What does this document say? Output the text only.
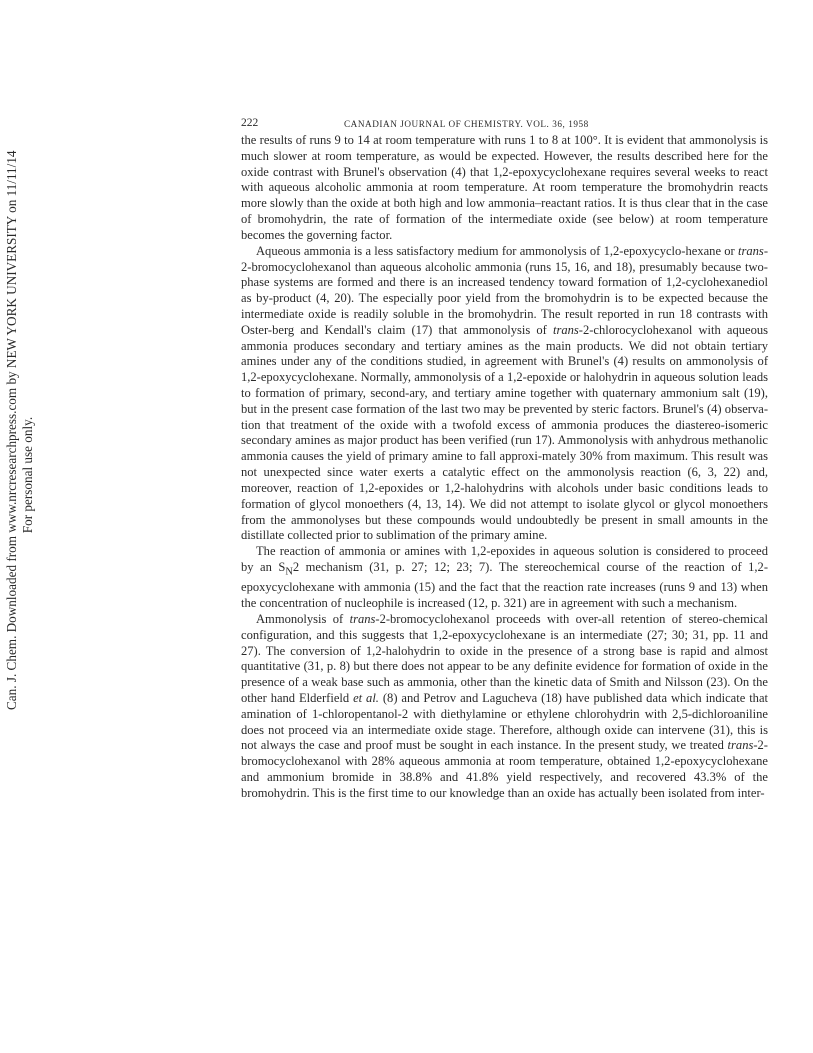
Can. J. Chem. Downloaded from www.nrcresearchpress.com by NEW YORK UNIVERSITY on 11/11/14 For personal use only.
222	CANADIAN JOURNAL OF CHEMISTRY. VOL. 36, 1958

the results of runs 9 to 14 at room temperature with runs 1 to 8 at 100°. It is evident that ammonolysis is much slower at room temperature, as would be expected. However, the results described here for the oxide contrast with Brunel's observation (4) that 1,2-epoxycyclohexane requires several weeks to react with aqueous alcoholic ammonia at room temperature. At room temperature the bromohydrin reacts more slowly than the oxide at both high and low ammonia–reactant ratios. It is thus clear that in the case of bromohydrin, the rate of formation of the intermediate oxide (see below) at room temperature becomes the governing factor.

Aqueous ammonia is a less satisfactory medium for ammonolysis of 1,2-epoxycyclo-hexane or trans-2-bromocyclohexanol than aqueous alcoholic ammonia (runs 15, 16, and 18), presumably because two-phase systems are formed and there is an increased tendency toward formation of 1,2-cyclohexanediol as by-product (4, 20). The especially poor yield from the bromohydrin is to be expected because the intermediate oxide is readily soluble in the bromohydrin. The result reported in run 18 contrasts with Oster-berg and Kendall's claim (17) that ammonolysis of trans-2-chlorocyclohexanol with aqueous ammonia produces secondary and tertiary amines as the main products. We did not obtain tertiary amines under any of the conditions studied, in agreement with Brunel's (4) results on ammonolysis of 1,2-epoxycyclohexane. Normally, ammonolysis of a 1,2-epoxide or halohydrin in aqueous solution leads to formation of primary, second-ary, and tertiary amine together with quaternary ammonium salt (19), but in the present case formation of the last two may be prevented by steric factors. Brunel's (4) observa-tion that treatment of the oxide with a twofold excess of ammonia produces the diastereo-isomeric secondary amines as major product has been verified (run 17). Ammonolysis with anhydrous methanolic ammonia causes the yield of primary amine to fall approxi-mately 30% from maximum. This result was not unexpected since water exerts a catalytic effect on the ammonolysis reaction (6, 3, 22) and, moreover, reaction of 1,2-epoxides or 1,2-halohydrins with alcohols under basic conditions leads to formation of glycol monoethers (4, 13, 14). We did not attempt to isolate glycol or glycol monoethers from the ammonolyses but these compounds would undoubtedly be present in small amounts in the distillate collected prior to sublimation of the primary amine.

The reaction of ammonia or amines with 1,2-epoxides in aqueous solution is considered to proceed by an $S_N2$ mechanism (31, p. 27; 12; 23; 7). The stereochemical course of the reaction of 1,2-epoxycyclohexane with ammonia (15) and the fact that the reaction rate increases (runs 9 and 13) when the concentration of nucleophile is increased (12, p. 321) are in agreement with such a mechanism.

Ammonolysis of trans-2-bromocyclohexanol proceeds with over-all retention of stereo-chemical configuration, and this suggests that 1,2-epoxycyclohexane is an intermediate (27; 30; 31, pp. 11 and 27). The conversion of 1,2-halohydrin to oxide in the presence of a strong base is rapid and almost quantitative (31, p. 8) but there does not appear to be any definite evidence for formation of oxide in the presence of a weak base such as ammonia, other than the kinetic data of Smith and Nilsson (23). On the other hand Elderfield et al. (8) and Petrov and Lagucheva (18) have published data which indicate that amination of 1-chloropentanol-2 with diethylamine or ethylene chlorohydrin with 2,5-dichloroaniline does not proceed via an intermediate oxide stage. Therefore, although oxide can intervene (31), this is not always the case and proof must be sought in each instance. In the present study, we treated trans-2-bromocyclohexanol with 28% aqueous ammonia at room temperature, obtained 1,2-epoxycyclohexane and ammonium bromide in 38.8% and 41.8% yield respectively, and recovered 43.3% of the bromohydrin. This is the first time to our knowledge than an oxide has actually been isolated from inter-
